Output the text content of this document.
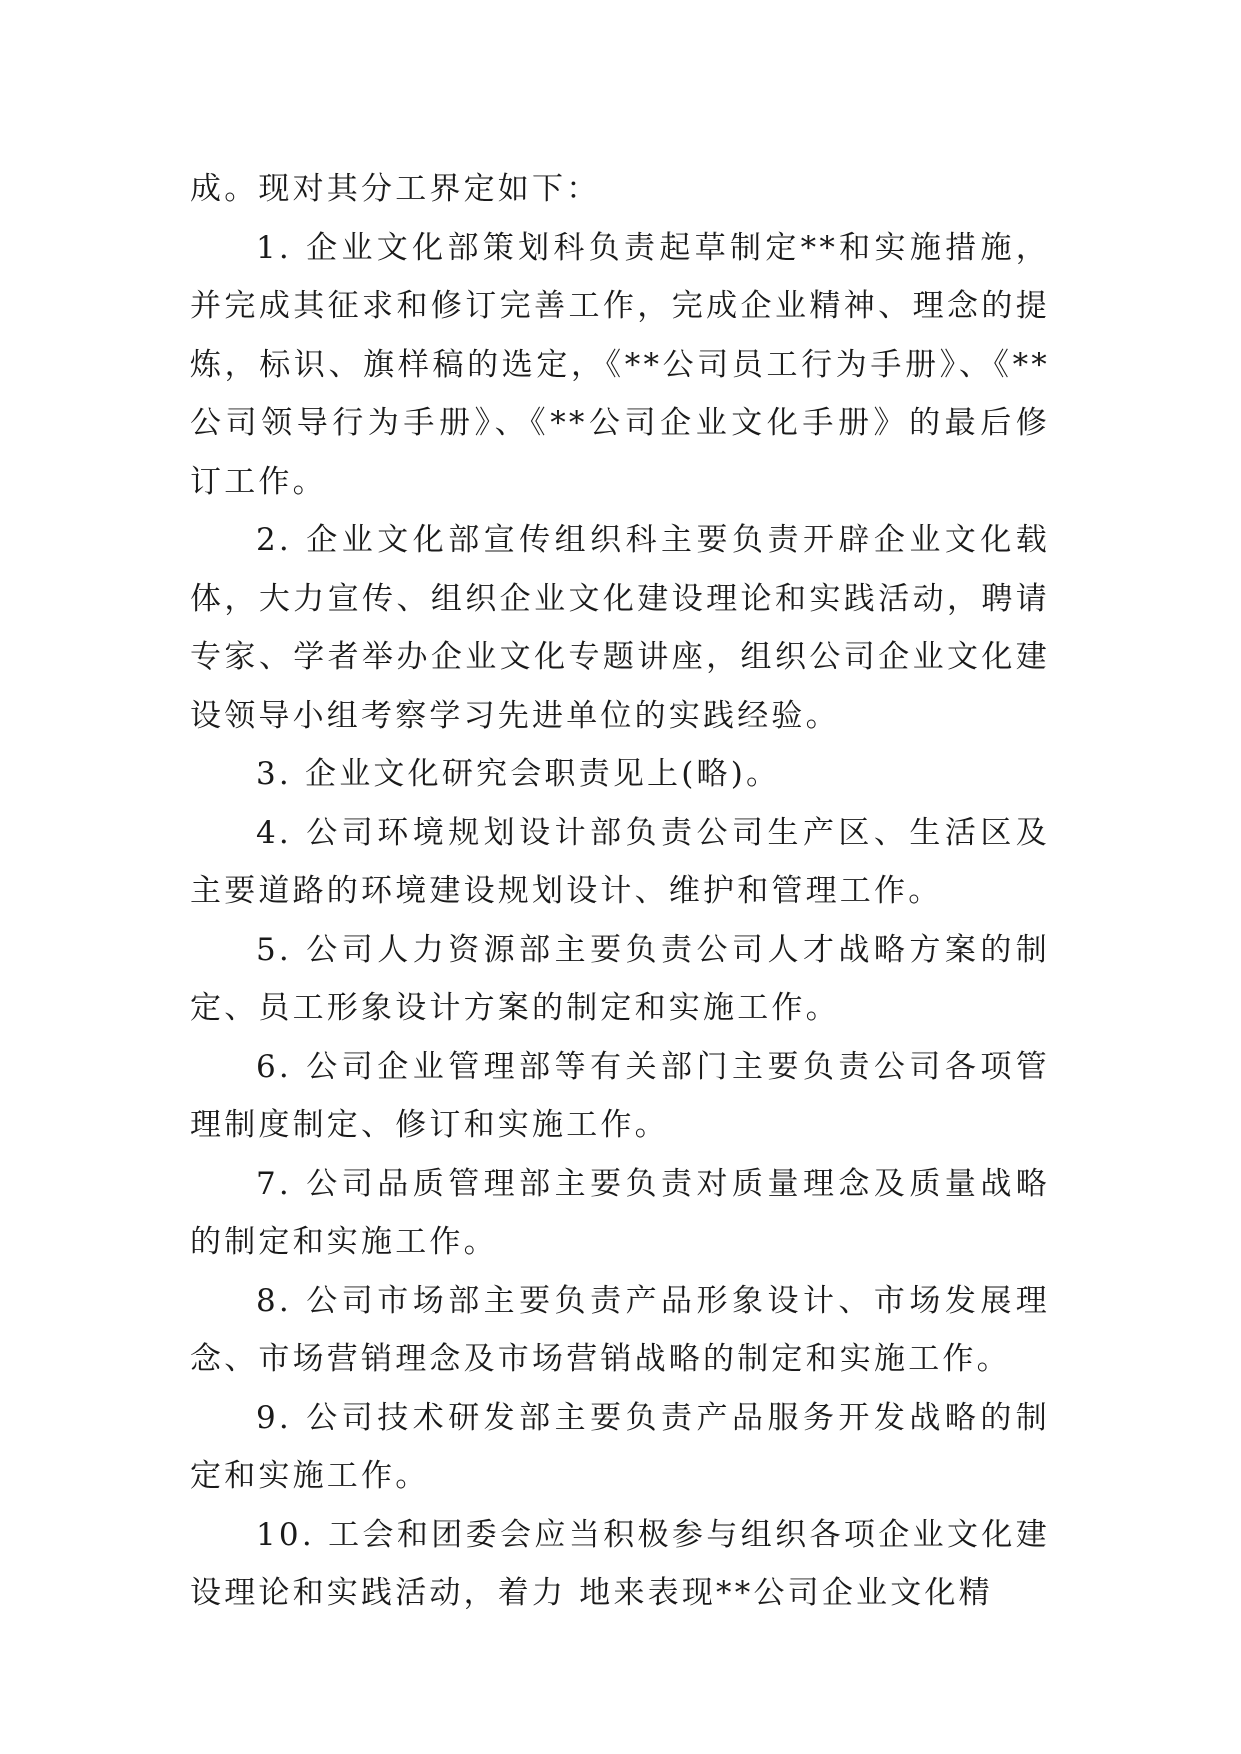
成。现对其分工界定如下：

1. 企业文化部策划科负责起草制定**和实施措施，并完成其征求和修订完善工作，完成企业精神、理念的提炼，标识、旗样稿的选定，《**公司员工行为手册》、《**公司领导行为手册》、《**公司企业文化手册》的最后修订工作。

2. 企业文化部宣传组织科主要负责开辟企业文化载体，大力宣传、组织企业文化建设理论和实践活动，聘请专家、学者举办企业文化专题讲座，组织公司企业文化建设领导小组考察学习先进单位的实践经验。

3. 企业文化研究会职责见上(略)。

4. 公司环境规划设计部负责公司生产区、生活区及主要道路的环境建设规划设计、维护和管理工作。

5. 公司人力资源部主要负责公司人才战略方案的制定、员工形象设计方案的制定和实施工作。

6. 公司企业管理部等有关部门主要负责公司各项管理制度制定、修订和实施工作。

7. 公司品质管理部主要负责对质量理念及质量战略的制定和实施工作。

8. 公司市场部主要负责产品形象设计、市场发展理念、市场营销理念及市场营销战略的制定和实施工作。

9. 公司技术研发部主要负责产品服务开发战略的制定和实施工作。

10. 工会和团委会应当积极参与组织各项企业文化建设理论和实践活动，着力 地来表现**公司企业文化精
